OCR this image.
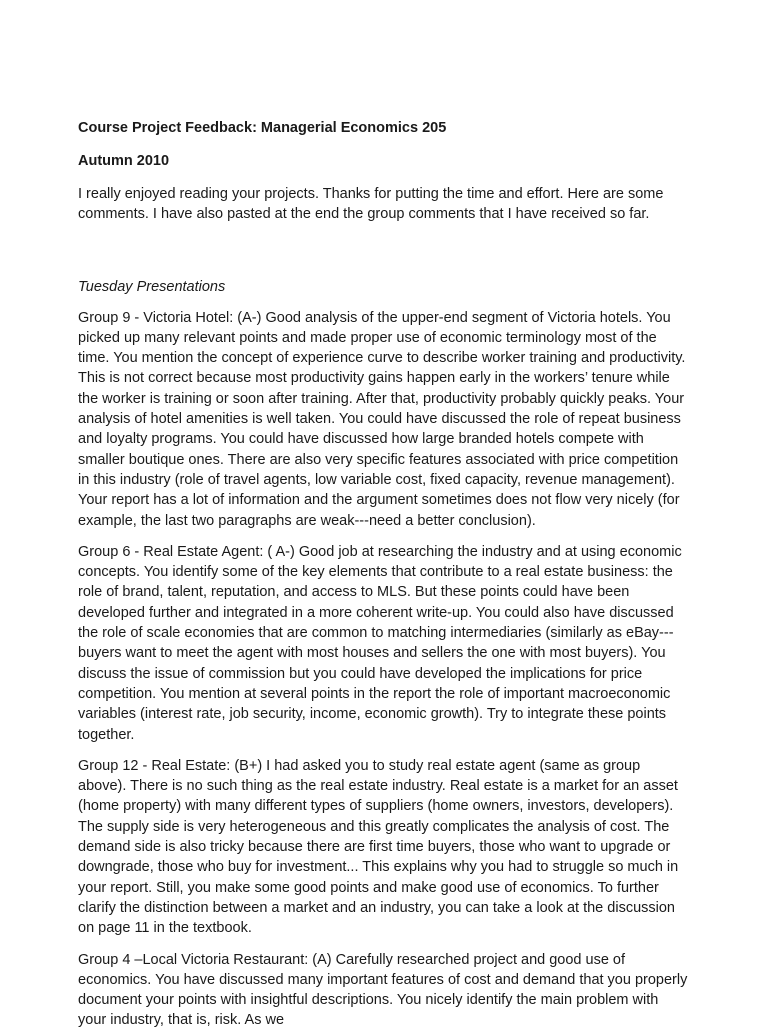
Course Project Feedback: Managerial Economics 205
Autumn 2010

I really enjoyed reading your projects. Thanks for putting the time and effort. Here are some comments. I have also pasted at the end the group comments that I have received so far.

Tuesday Presentations

Group 9 - Victoria Hotel: (A-) Good analysis of the upper-end segment of Victoria hotels. You picked up many relevant points and made proper use of economic terminology most of the time. You mention the concept of experience curve to describe worker training and productivity. This is not correct because most productivity gains happen early in the workers’ tenure while the worker is training or soon after training. After that, productivity probably quickly peaks. Your analysis of hotel amenities is well taken. You could have discussed the role of repeat business and loyalty programs. You could have discussed how large branded hotels compete with smaller boutique ones. There are also very specific features associated with price competition in this industry (role of travel agents, low variable cost, fixed capacity, revenue management). Your report has a lot of information and the argument sometimes does not flow very nicely (for example, the last two paragraphs are weak---need a better conclusion).

Group 6 - Real Estate Agent: ( A-) Good job at researching the industry and at using economic concepts. You identify some of the key elements that contribute to a real estate business: the role of brand, talent, reputation, and access to MLS. But these points could have been developed further and integrated in a more coherent write-up. You could also have discussed the role of scale economies that are common to matching intermediaries (similarly as eBay---buyers want to meet the agent with most houses and sellers the one with most buyers). You discuss the issue of commission but you could have developed the implications for price competition. You mention at several points in the report the role of important macroeconomic variables (interest rate, job security, income, economic growth). Try to integrate these points together.

Group 12 - Real Estate: (B+) I had asked you to study real estate agent (same as group above). There is no such thing as the real estate industry. Real estate is a market for an asset (home property) with many different types of suppliers (home owners, investors, developers). The supply side is very heterogeneous and this greatly complicates the analysis of cost. The demand side is also tricky because there are first time buyers, those who want to upgrade or downgrade, those who buy for investment... This explains why you had to struggle so much in your report. Still, you make some good points and make good use of economics. To further clarify the distinction between a market and an industry, you can take a look at the discussion on page 11 in the textbook.

Group 4 –Local Victoria Restaurant: (A) Carefully researched project and good use of economics. You have discussed many important features of cost and demand that you properly document your points with insightful descriptions. You nicely identify the main problem with your industry, that is, risk. As we
